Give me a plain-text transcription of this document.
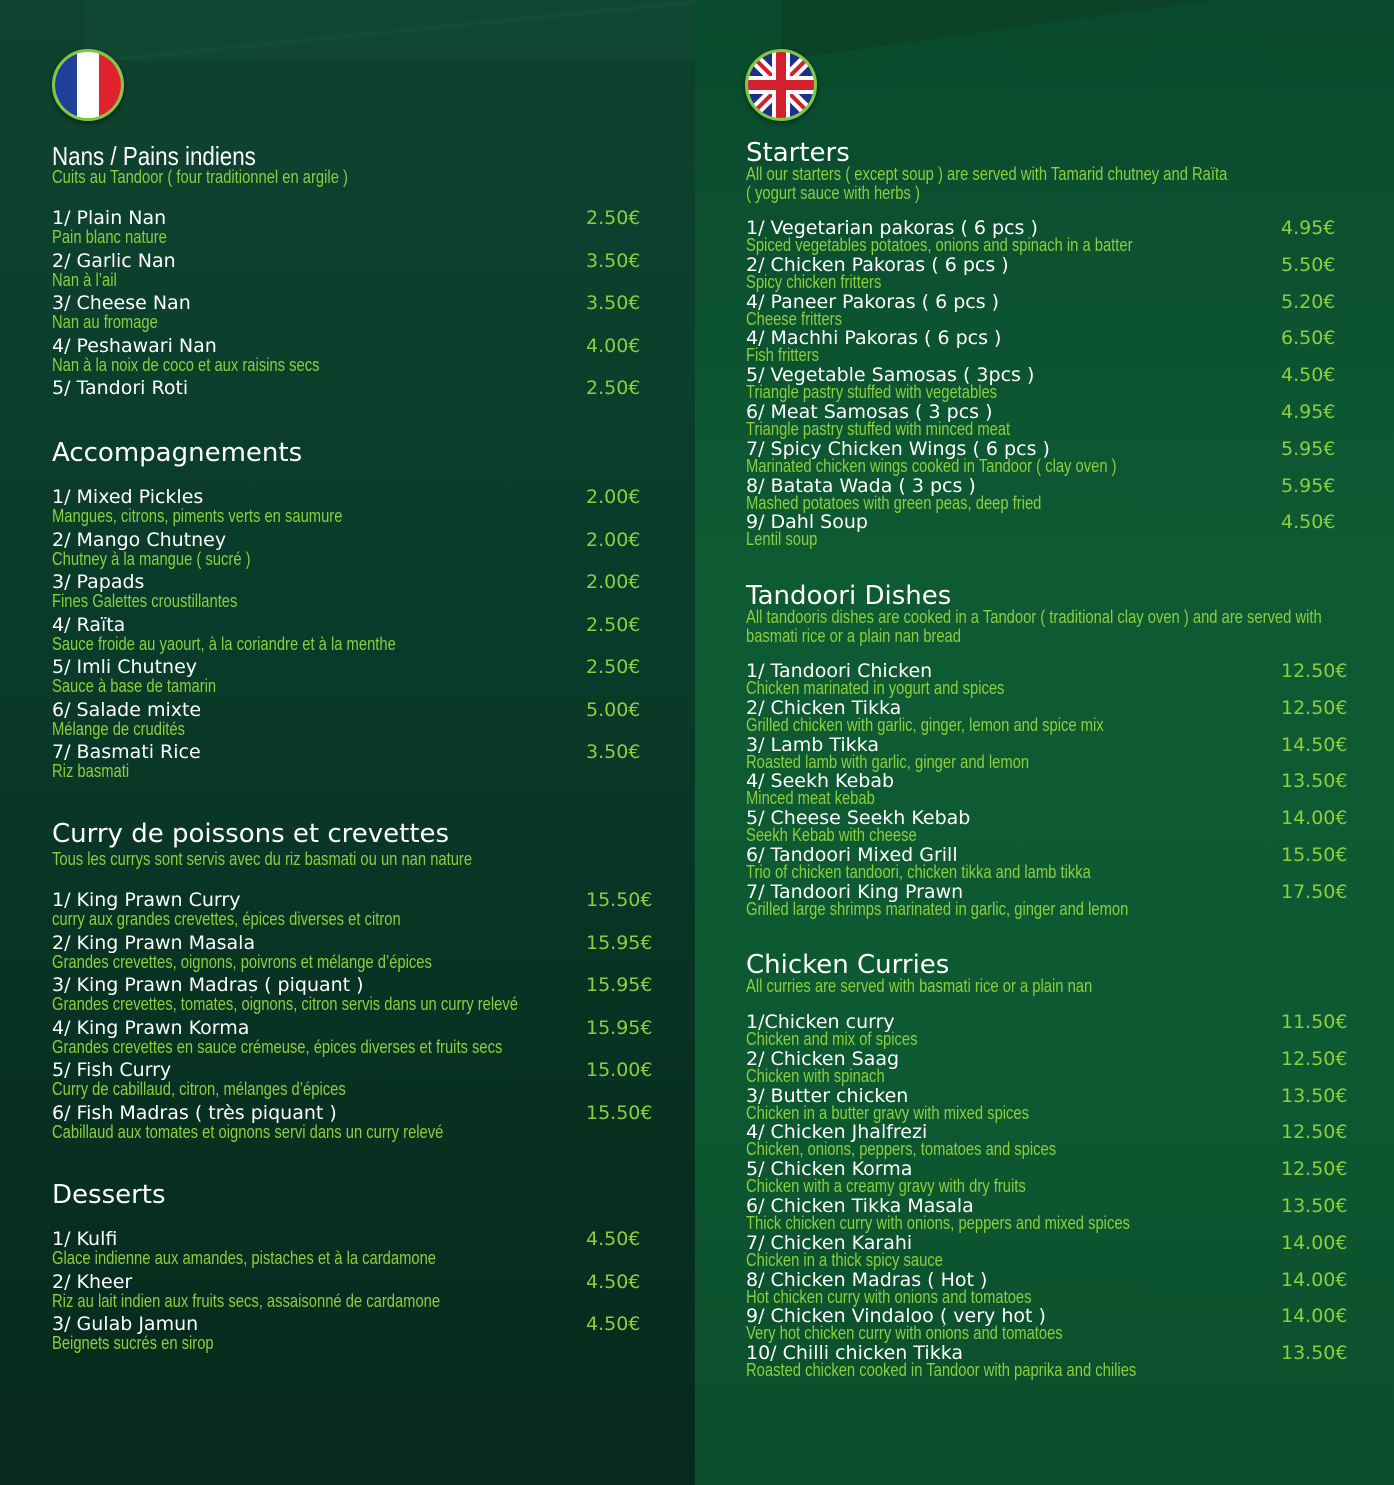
Nans / Pains indiens
Cuits au Tandoor ( four traditionnel en argile )
1/ Plain Nan	2.50€
Pain blanc nature
2/ Garlic Nan	3.50€
Nan à l’ail
3/ Cheese Nan	3.50€
Nan au fromage
4/ Peshawari Nan	4.00€
Nan à la noix de coco et aux raisins secs
5/ Tandori Roti	2.50€
Accompagnements
1/ Mixed Pickles	2.00€
Mangues, citrons, piments verts en saumure
2/ Mango Chutney	2.00€
Chutney à la mangue ( sucré )
3/ Papads	2.00€
Fines Galettes croustillantes
4/ Raïta	2.50€
Sauce froide au yaourt, à la coriandre et à la menthe
5/ Imli Chutney	2.50€
Sauce à base de tamarin
6/ Salade mixte	5.00€
Mélange de crudités
7/ Basmati Rice	3.50€
Riz basmati
Curry de poissons et crevettes
Tous les currys sont servis avec du riz basmati ou un nan nature
1/ King Prawn Curry	15.50€
curry aux grandes crevettes, épices diverses et citron
2/ King Prawn Masala	15.95€
Grandes crevettes, oignons, poivrons et mélange d’épices
3/ King Prawn Madras ( piquant )	15.95€
Grandes crevettes, tomates, oignons, citron servis dans un curry relevé
4/ King Prawn Korma	15.95€
Grandes crevettes en sauce crémeuse, épices diverses et fruits secs
5/ Fish Curry	15.00€
Curry de cabillaud, citron, mélanges d’épices
6/ Fish Madras ( très piquant )	15.50€
Cabillaud aux tomates et oignons servi dans un curry relevé
Desserts
1/ Kulfi	4.50€
Glace indienne aux amandes, pistaches et à la cardamone
2/ Kheer	4.50€
Riz au lait indien aux fruits secs, assaisonné de cardamone
3/ Gulab Jamun	4.50€
Beignets sucrés en sirop
Starters
All our starters ( except soup ) are served with Tamarid chutney and Raïta
( yogurt sauce with herbs )
1/ Vegetarian pakoras ( 6 pcs )	4.95€
Spiced vegetables potatoes, onions and spinach in a batter
2/ Chicken Pakoras ( 6 pcs )	5.50€
Spicy chicken fritters
4/ Paneer Pakoras ( 6 pcs )	5.20€
Cheese fritters
4/ Machhi Pakoras ( 6 pcs )	6.50€
Fish fritters
5/ Vegetable Samosas ( 3pcs )	4.50€
Triangle pastry stuffed with vegetables
6/ Meat Samosas ( 3 pcs )	4.95€
Triangle pastry stuffed with minced meat
7/ Spicy Chicken Wings ( 6 pcs )	5.95€
Marinated chicken wings cooked in Tandoor ( clay oven )
8/ Batata Wada ( 3 pcs )	5.95€
Mashed potatoes with green peas, deep fried
9/ Dahl Soup	4.50€
Lentil soup
Tandoori Dishes
All tandooris dishes are cooked in a Tandoor ( traditional clay oven ) and are served with
basmati rice or a plain nan bread
1/ Tandoori Chicken	12.50€
Chicken marinated in yogurt and spices
2/ Chicken Tikka	12.50€
Grilled chicken with garlic, ginger, lemon and spice mix
3/ Lamb Tikka	14.50€
Roasted lamb with garlic, ginger and lemon
4/ Seekh Kebab	13.50€
Minced meat kebab
5/ Cheese Seekh Kebab	14.00€
Seekh Kebab with cheese
6/ Tandoori Mixed Grill	15.50€
Trio of chicken tandoori, chicken tikka and lamb tikka
7/ Tandoori King Prawn	17.50€
Grilled large shrimps marinated in garlic, ginger and lemon
Chicken Curries
All curries are served with basmati rice or a plain nan
1/Chicken curry	11.50€
Chicken and mix of spices
2/ Chicken Saag	12.50€
Chicken with spinach
3/ Butter chicken	13.50€
Chicken in a butter gravy with mixed spices
4/ Chicken Jhalfrezi	12.50€
Chicken, onions, peppers, tomatoes and spices
5/ Chicken Korma	12.50€
Chicken with a creamy gravy with dry fruits
6/ Chicken Tikka Masala	13.50€
Thick chicken curry with onions, peppers and mixed spices
7/ Chicken Karahi	14.00€
Chicken in a thick spicy sauce
8/ Chicken Madras ( Hot )	14.00€
Hot chicken curry with onions and tomatoes
9/ Chicken Vindaloo ( very hot )	14.00€
Very hot chicken curry with onions and tomatoes
10/ Chilli chicken Tikka	13.50€
Roasted chicken cooked in Tandoor with paprika and chilies
